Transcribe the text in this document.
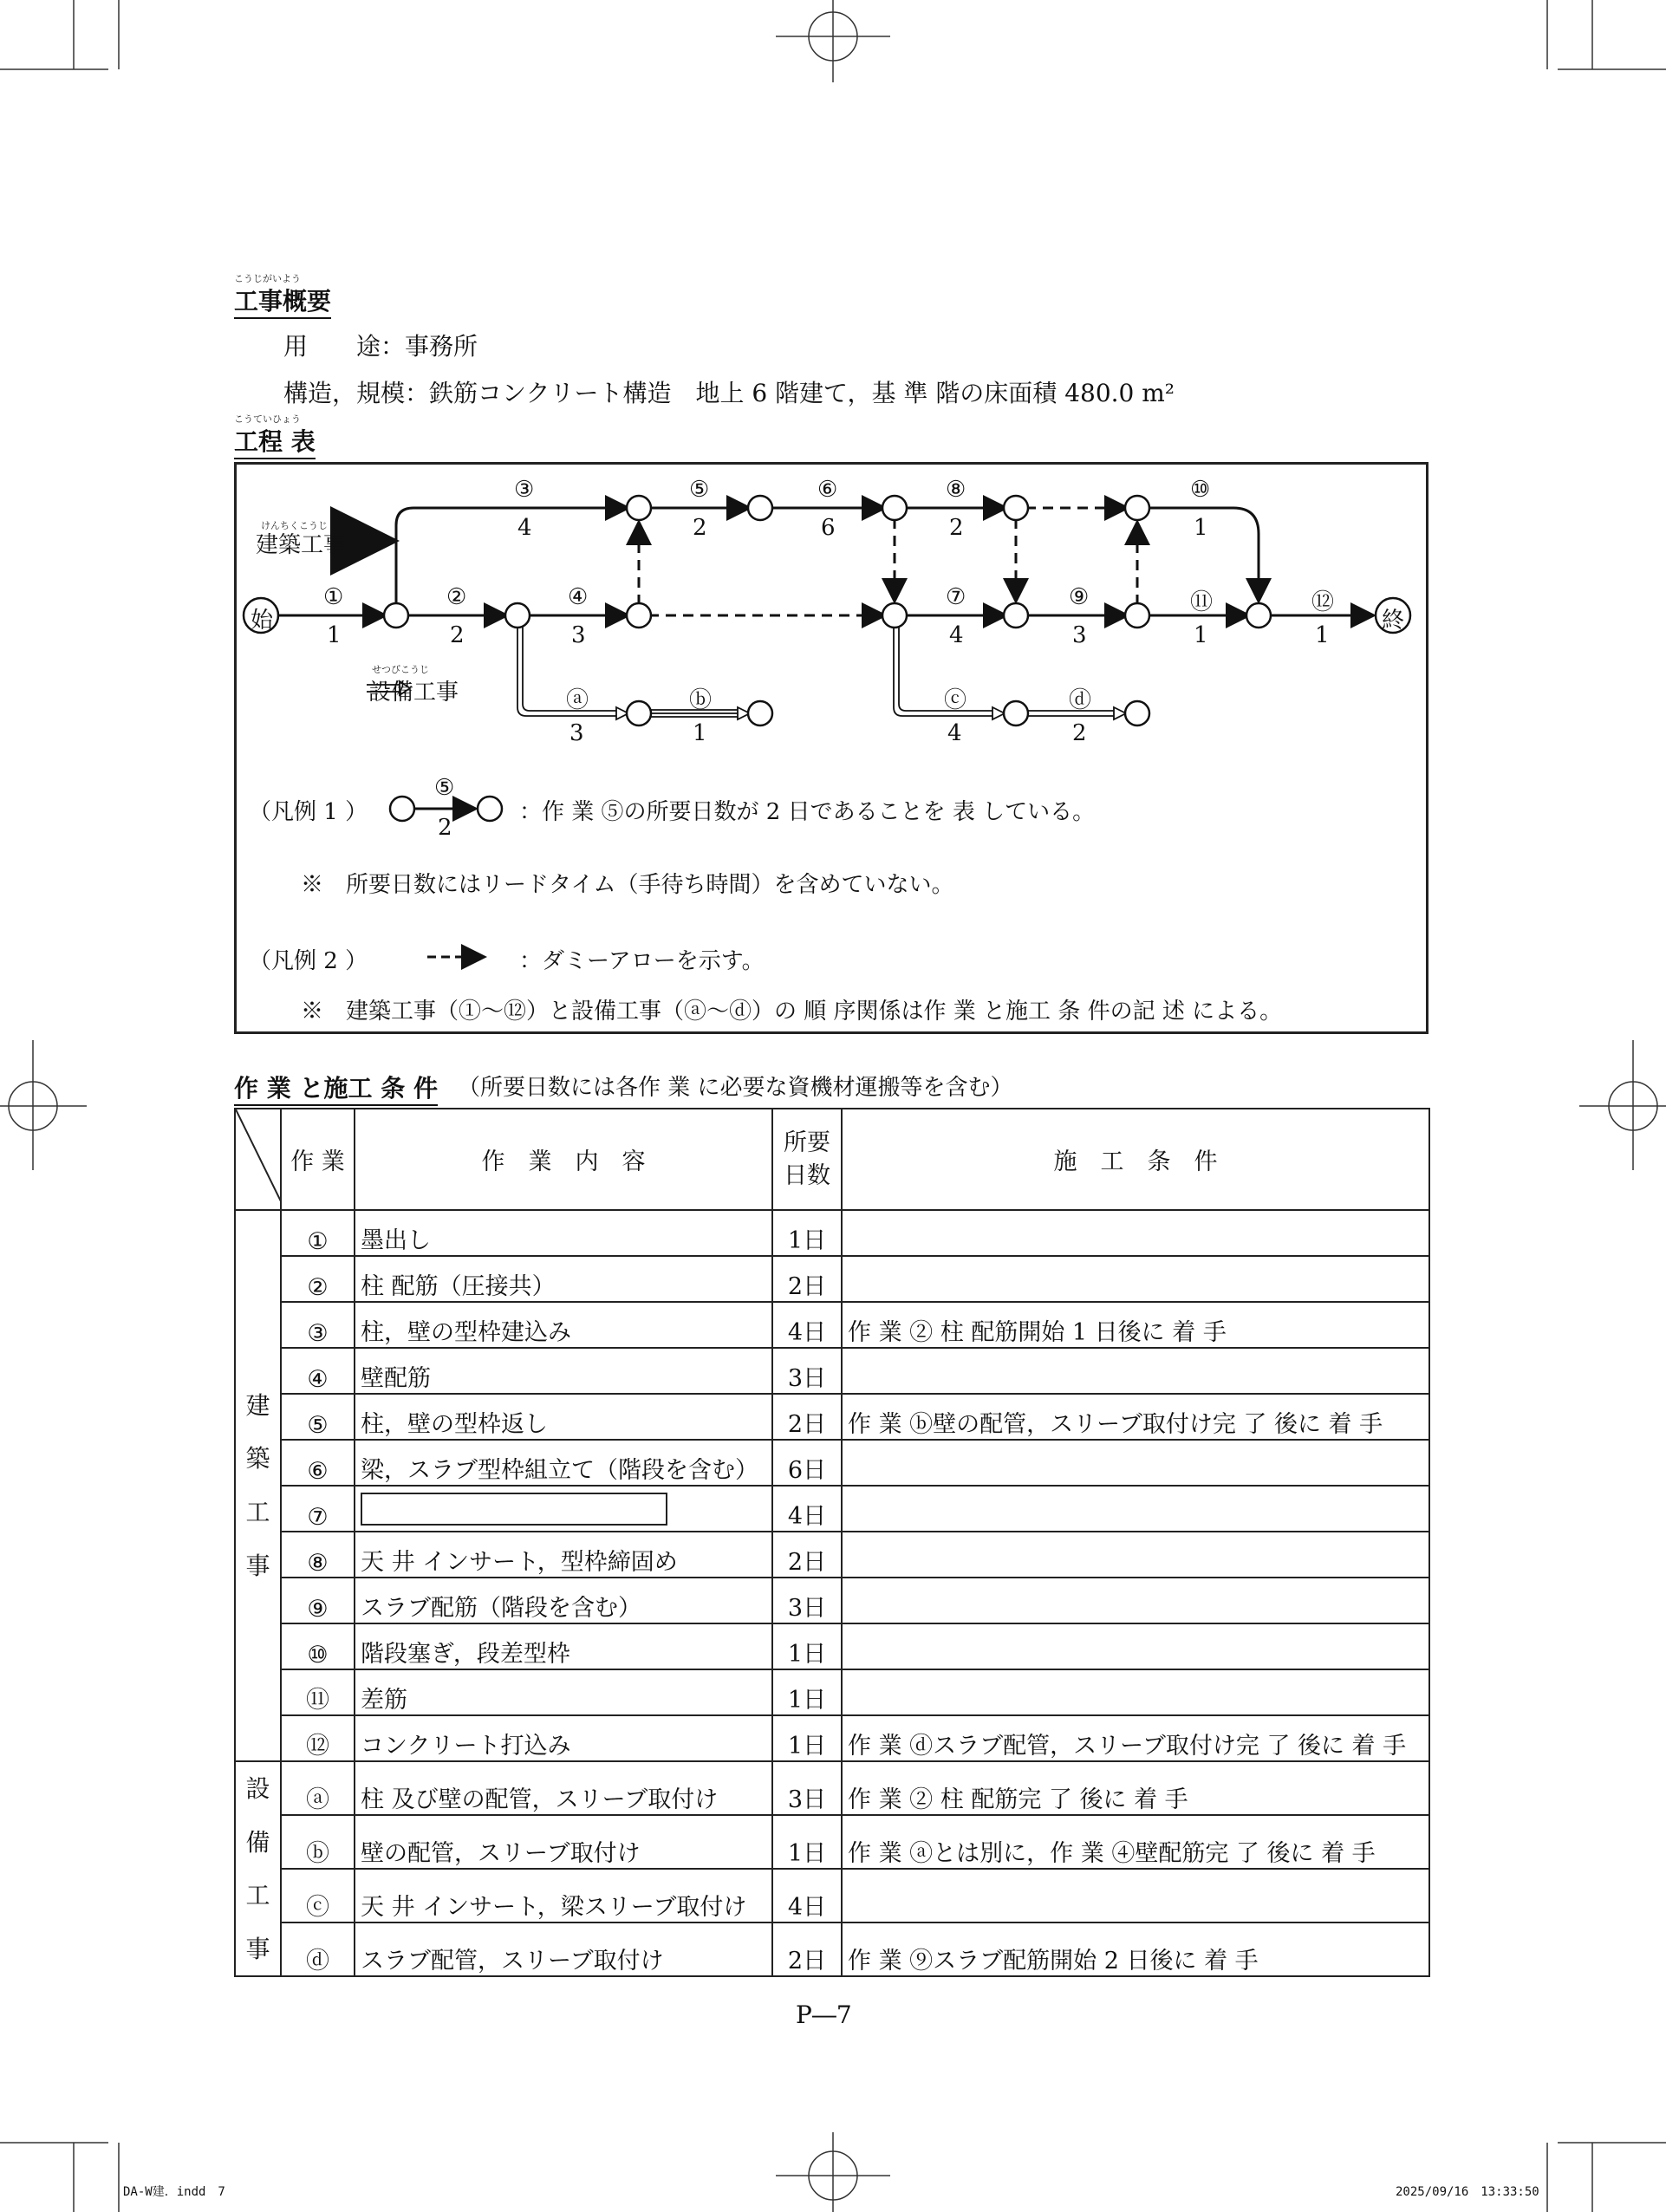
こうじがいよう
工事概要
用　　途：事務所
構造，規模：鉄筋コンクリート構造　地上 6 階建て，基 準 階の床面積 480.0 m²
こうていひょう
工程 表
始	終
けんちくこうじ
建築工事
せつびこうじ
設備工事
①
1
②
2
③
4
④
3
⑤
2
⑥
6
⑦
4
⑧
2
⑨
3
⑩
1
⑪
1
⑫
1
ⓐ
3
ⓑ
1
ⓒ
4
ⓓ
2
（凡例 1 ）
⑤
2
：作 業 ⑤の所要日数が 2 日であることを 表 している。
※　所要日数にはリードタイム（手待ち時間）を含めていない。
（凡例 2 ）	：ダミーアローを示す。
※　建築工事（①～⑫）と設備工事（ⓐ～ⓓ）の 順 序関係は作 業 と施工 条 件の記 述 による。
作 業 と施工 条 件 （所要日数には各作 業 に必要な資機材運搬等を含む）
	作 業	作　業　内　容	所要
日数	施　工　条　件

建
築
工
事	①	墨出し	1日	
	②	柱 配筋（圧接共）	2日	
	③	柱，壁の型枠建込み	4日	作 業 ② 柱 配筋開始 1 日後に 着 手
	④	壁配筋	3日	
	⑤	柱，壁の型枠返し	2日	作 業 ⓑ壁の配管，スリーブ取付け完 了 後に 着 手
	⑥	梁，スラブ型枠組立て（階段を含む）	6日	
	⑦		4日	
	⑧	天 井 インサート，型枠締固め	2日	
	⑨	スラブ配筋（階段を含む）	3日	
	⑩	階段塞ぎ，段差型枠	1日	
	⑪	差筋	1日	
	⑫	コンクリート打込み	1日	作 業 ⓓスラブ配管，スリーブ取付け完 了 後に 着 手

設
備
工
事	ⓐ	柱 及び壁の配管，スリーブ取付け	3日	作 業 ② 柱 配筋完 了 後に 着 手
	ⓑ	壁の配管，スリーブ取付け	1日	作 業 ⓐとは別に，作 業 ④壁配筋完 了 後に 着 手
	ⓒ	天 井 インサート，梁スリーブ取付け	4日	
	ⓓ	スラブ配管，スリーブ取付け	2日	作 業 ⑨スラブ配筋開始 2 日後に 着 手
P―7
DA-W建．indd　7	2025/09/16　13:33:50
